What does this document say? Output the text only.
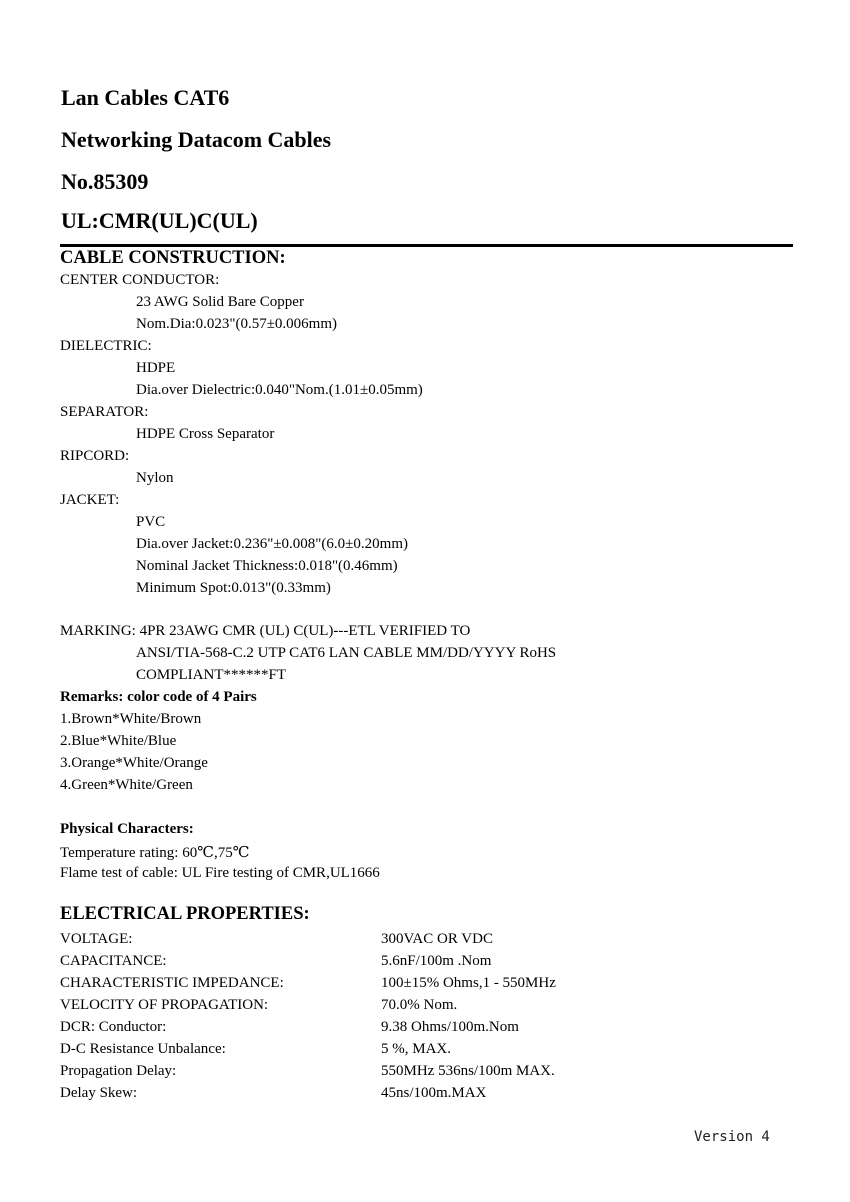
Lan Cables CAT6
Networking Datacom Cables
No.85309
UL:CMR(UL)C(UL)
CABLE CONSTRUCTION:
CENTER CONDUCTOR:
23 AWG Solid Bare Copper
Nom.Dia:0.023"(0.57±0.006mm)
DIELECTRIC:
HDPE
Dia.over Dielectric:0.040"Nom.(1.01±0.05mm)
SEPARATOR:
HDPE Cross Separator
RIPCORD:
Nylon
JACKET:
PVC
Dia.over Jacket:0.236"±0.008"(6.0±0.20mm)
Nominal Jacket Thickness:0.018"(0.46mm)
Minimum Spot:0.013"(0.33mm)
MARKING: 4PR 23AWG CMR (UL) C(UL)---ETL VERIFIED TO
ANSI/TIA-568-C.2 UTP CAT6 LAN CABLE MM/DD/YYYY RoHS
COMPLIANT******FT
Remarks: color code of 4 Pairs
1.Brown*White/Brown
2.Blue*White/Blue
3.Orange*White/Orange
4.Green*White/Green
Physical Characters:
Temperature rating: 60℃,75℃
Flame test of cable: UL Fire testing of CMR,UL1666
ELECTRICAL PROPERTIES:
VOLTAGE:	300VAC OR VDC
CAPACITANCE:	5.6nF/100m .Nom
CHARACTERISTIC IMPEDANCE:	100±15% Ohms,1 - 550MHz
VELOCITY OF PROPAGATION:	70.0% Nom.
DCR: Conductor:	9.38 Ohms/100m.Nom
D-C Resistance Unbalance:	5 %, MAX.
Propagation Delay:	550MHz 536ns/100m MAX.
Delay Skew:	45ns/100m.MAX
Version 4
